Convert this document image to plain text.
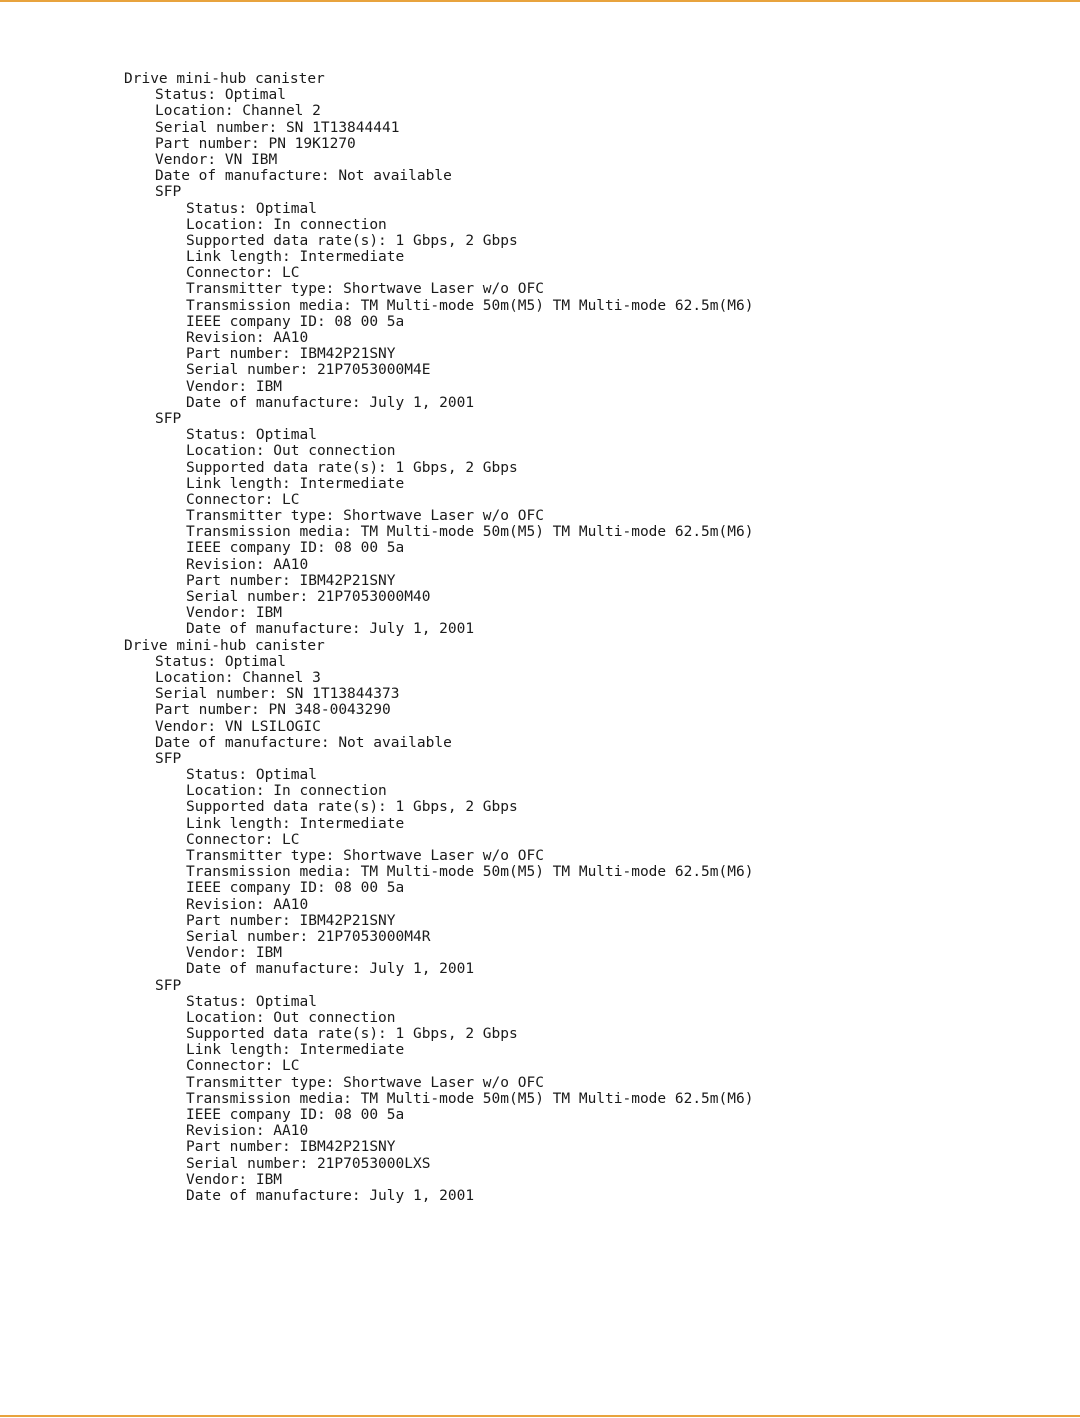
Drive mini-hub canister
Status: Optimal
Location: Channel 2
Serial number: SN 1T13844441
Part number: PN 19K1270
Vendor: VN IBM
Date of manufacture: Not available
SFP
Status: Optimal
Location: In connection
Supported data rate(s): 1 Gbps, 2 Gbps
Link length: Intermediate
Connector: LC
Transmitter type: Shortwave Laser w/o OFC
Transmission media: TM Multi-mode 50m(M5) TM Multi-mode 62.5m(M6)
IEEE company ID: 08 00 5a
Revision: AA10
Part number: IBM42P21SNY
Serial number: 21P7053000M4E
Vendor: IBM
Date of manufacture: July 1, 2001
SFP
Status: Optimal
Location: Out connection
Supported data rate(s): 1 Gbps, 2 Gbps
Link length: Intermediate
Connector: LC
Transmitter type: Shortwave Laser w/o OFC
Transmission media: TM Multi-mode 50m(M5) TM Multi-mode 62.5m(M6)
IEEE company ID: 08 00 5a
Revision: AA10
Part number: IBM42P21SNY
Serial number: 21P7053000M40
Vendor: IBM
Date of manufacture: July 1, 2001
Drive mini-hub canister
Status: Optimal
Location: Channel 3
Serial number: SN 1T13844373
Part number: PN 348-0043290
Vendor: VN LSILOGIC
Date of manufacture: Not available
SFP
Status: Optimal
Location: In connection
Supported data rate(s): 1 Gbps, 2 Gbps
Link length: Intermediate
Connector: LC
Transmitter type: Shortwave Laser w/o OFC
Transmission media: TM Multi-mode 50m(M5) TM Multi-mode 62.5m(M6)
IEEE company ID: 08 00 5a
Revision: AA10
Part number: IBM42P21SNY
Serial number: 21P7053000M4R
Vendor: IBM
Date of manufacture: July 1, 2001
SFP
Status: Optimal
Location: Out connection
Supported data rate(s): 1 Gbps, 2 Gbps
Link length: Intermediate
Connector: LC
Transmitter type: Shortwave Laser w/o OFC
Transmission media: TM Multi-mode 50m(M5) TM Multi-mode 62.5m(M6)
IEEE company ID: 08 00 5a
Revision: AA10
Part number: IBM42P21SNY
Serial number: 21P7053000LXS
Vendor: IBM
Date of manufacture: July 1, 2001
